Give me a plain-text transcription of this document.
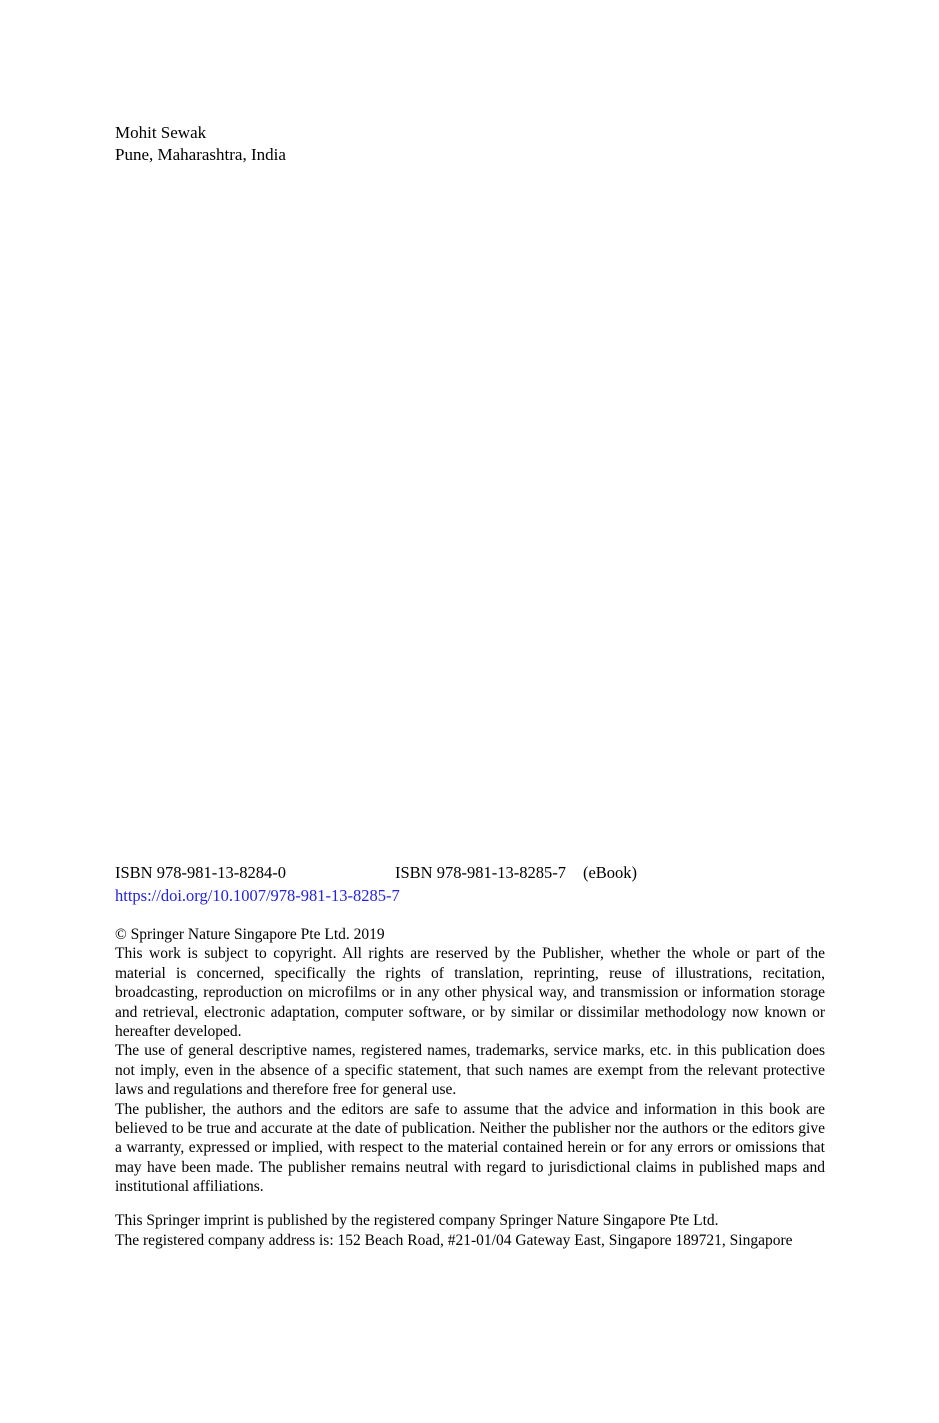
Mohit Sewak
Pune, Maharashtra, India
ISBN 978-981-13-8284-0	ISBN 978-981-13-8285-7 (eBook)
https://doi.org/10.1007/978-981-13-8285-7
© Springer Nature Singapore Pte Ltd. 2019

This work is subject to copyright. All rights are reserved by the Publisher, whether the whole or part of the material is concerned, specifically the rights of translation, reprinting, reuse of illustrations, recitation, broadcasting, reproduction on microfilms or in any other physical way, and transmission or information storage and retrieval, electronic adaptation, computer software, or by similar or dissimilar methodology now known or hereafter developed.

The use of general descriptive names, registered names, trademarks, service marks, etc. in this publication does not imply, even in the absence of a specific statement, that such names are exempt from the relevant protective laws and regulations and therefore free for general use.

The publisher, the authors and the editors are safe to assume that the advice and information in this book are believed to be true and accurate at the date of publication. Neither the publisher nor the authors or the editors give a warranty, expressed or implied, with respect to the material contained herein or for any errors or omissions that may have been made. The publisher remains neutral with regard to jurisdictional claims in published maps and institutional affiliations.

This Springer imprint is published by the registered company Springer Nature Singapore Pte Ltd.

The registered company address is: 152 Beach Road, #21-01/04 Gateway East, Singapore 189721, Singapore
